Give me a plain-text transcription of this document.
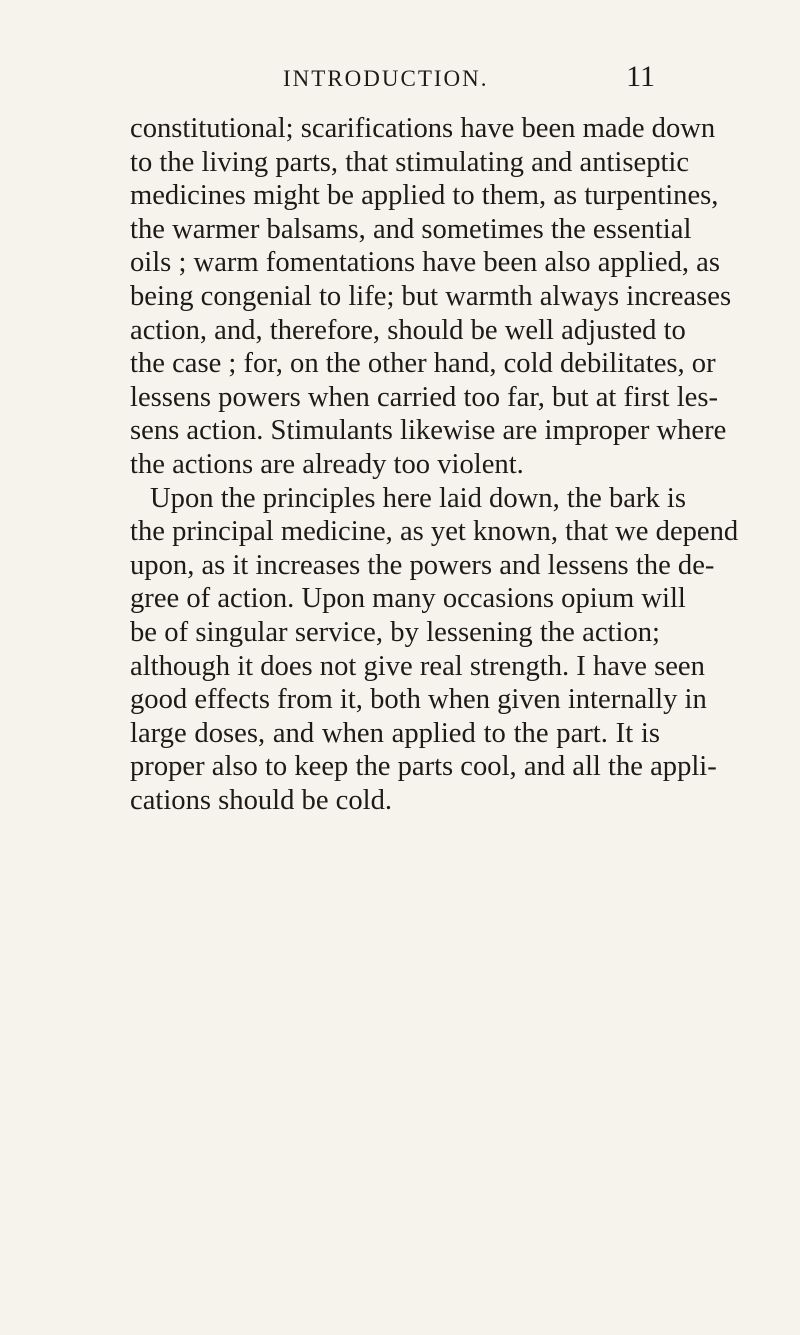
INTRODUCTION.	11
constitutional; scarifications have been made down
to the living parts, that stimulating and antiseptic
medicines might be applied to them, as turpentines,
the warmer balsams, and sometimes the essential
oils ; warm fomentations have been also applied, as
being congenial to life; but warmth always increases
action, and, therefore, should be well adjusted to
the case ; for, on the other hand, cold debilitates, or
lessens powers when carried too far, but at first les-
sens action. Stimulants likewise are improper where
the actions are already too violent.
Upon the principles here laid down, the bark is
the principal medicine, as yet known, that we depend
upon, as it increases the powers and lessens the de-
gree of action. Upon many occasions opium will
be of singular service, by lessening the action;
although it does not give real strength. I have seen
good effects from it, both when given internally in
large doses, and when applied to the part. It is
proper also to keep the parts cool, and all the appli-
cations should be cold.
